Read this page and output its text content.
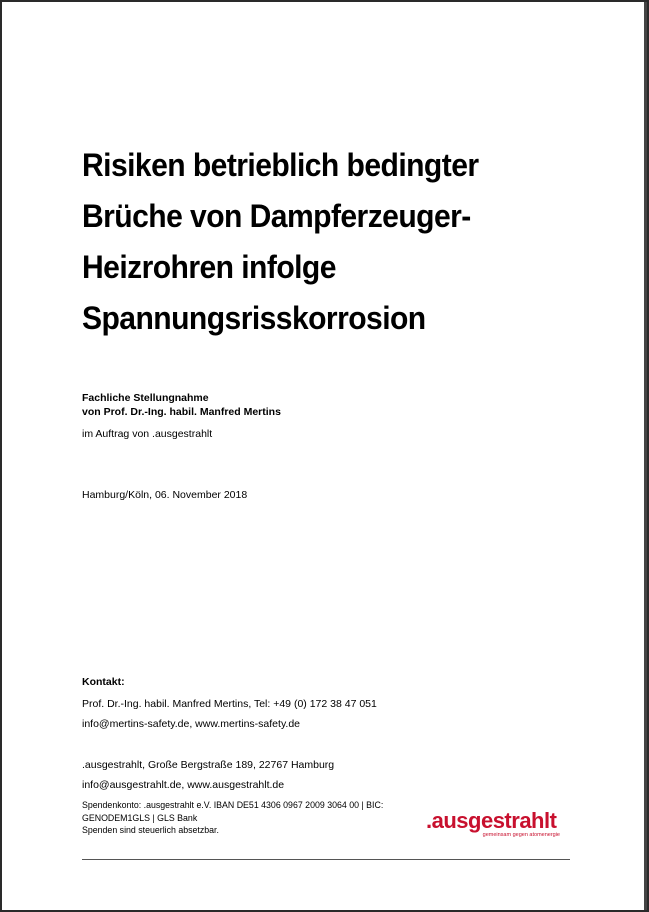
Risiken betrieblich bedingter
Brüche von Dampferzeuger-
Heizrohren infolge
Spannungsrisskorrosion
Fachliche Stellungnahme
von Prof. Dr.-Ing. habil. Manfred Mertins
im Auftrag von .ausgestrahlt
Hamburg/Köln, 06. November 2018
Kontakt:
Prof. Dr.-Ing. habil. Manfred Mertins, Tel: +49 (0) 172 38 47 051
info@mertins-safety.de, www.mertins-safety.de
.ausgestrahlt, Große Bergstraße 189, 22767 Hamburg
info@ausgestrahlt.de, www.ausgestrahlt.de
Spendenkonto: .ausgestrahlt e.V. IBAN DE51 4306 0967 2009 3064 00 | BIC:
GENODEM1GLS | GLS Bank
Spenden sind steuerlich absetzbar.	.ausgestrahlt
gemeinsam gegen atomenergie
